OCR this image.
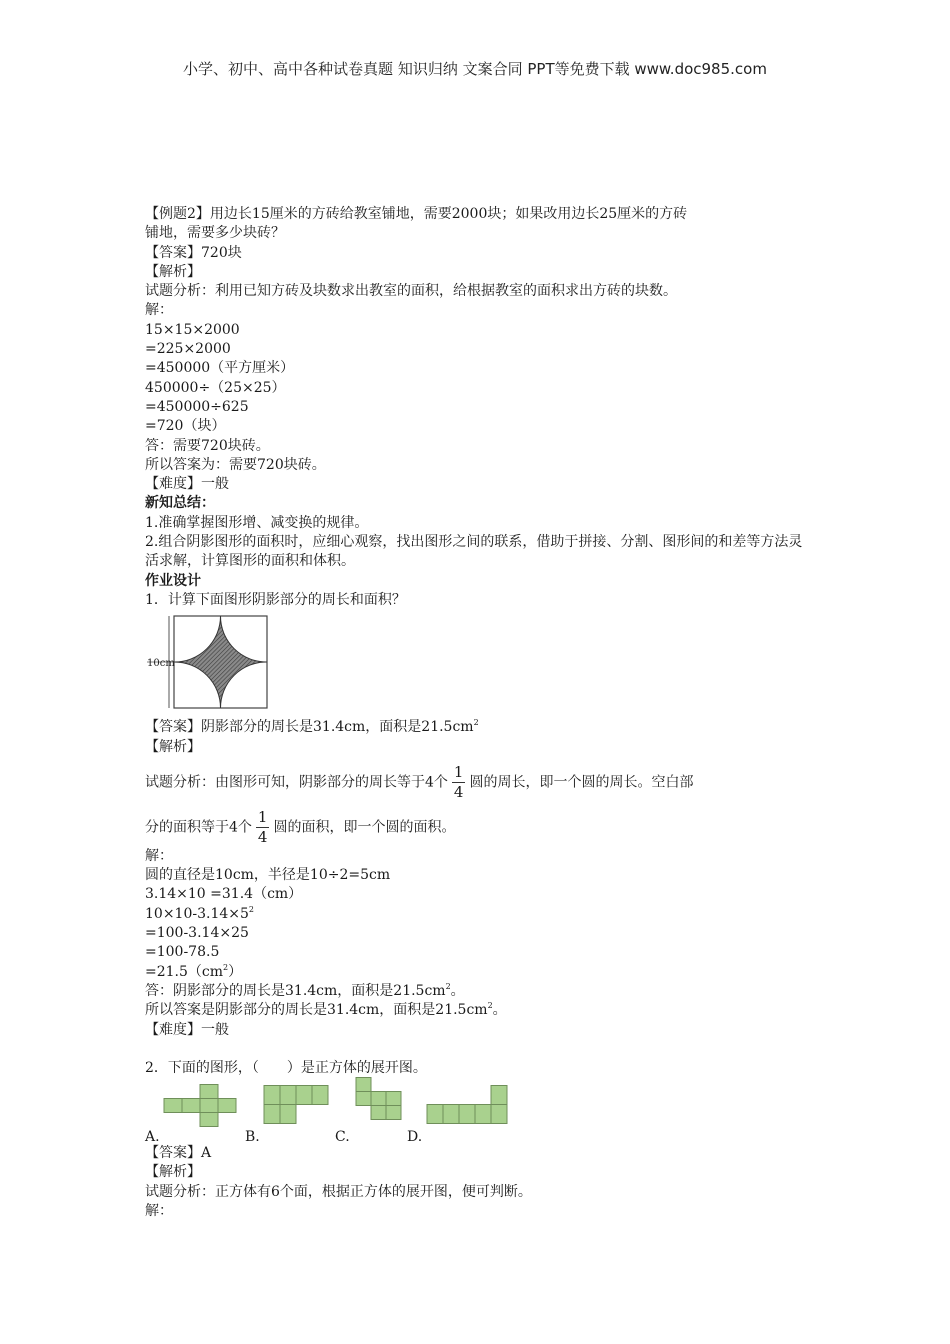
小学、初中、高中各种试卷真题 知识归纳 文案合同 PPT等免费下载 www.doc985.com
【例题2】用边长15厘米的方砖给教室铺地，需要2000块；如果改用边长25厘米的方砖
铺地，需要多少块砖？
【答案】720块
【解析】
试题分析：利用已知方砖及块数求出教室的面积，给根据教室的面积求出方砖的块数。
解：
15×15×2000
=225×2000
=450000（平方厘米）
450000÷（25×25）
=450000÷625
=720（块）
答：需要720块砖。
所以答案为：需要720块砖。
【难度】一般
新知总结：
1.准确掌握图形增、减变换的规律。
2.组合阴影图形的面积时，应细心观察，找出图形之间的联系，借助于拼接、分割、图形间的和差等方法灵活求解，计算图形的面积和体积。
作业设计
1．计算下面图形阴影部分的周长和面积？
10cm
【答案】阴影部分的周长是31.4cm，面积是$21.5cm^2$
【解析】
试题分析：由图形可知，阴影部分的周长等于4个 $\frac{1}{4}$ 圆的周长，即一个圆的周长。空白部
分的面积等于4个 $\frac{1}{4}$ 圆的面积，即一个圆的面积。
解：
圆的直径是10cm，半径是10÷2=5cm
3.14×10 =31.4（cm）
$10\times 10-3.14\times 5^2$
=100-3.14×25
=100-78.5
$=21.5(cm^2)$
答：阴影部分的周长是31.4cm，面积是$21.5cm^2$。
所以答案是阴影部分的周长是31.4cm，面积是$21.5cm^2$。
【难度】一般
2．下面的图形，（　　）是正方体的展开图。
A.	B.	C.	D.
【答案】A
【解析】
试题分析：正方体有6个面，根据正方体的展开图，便可判断。
解：
